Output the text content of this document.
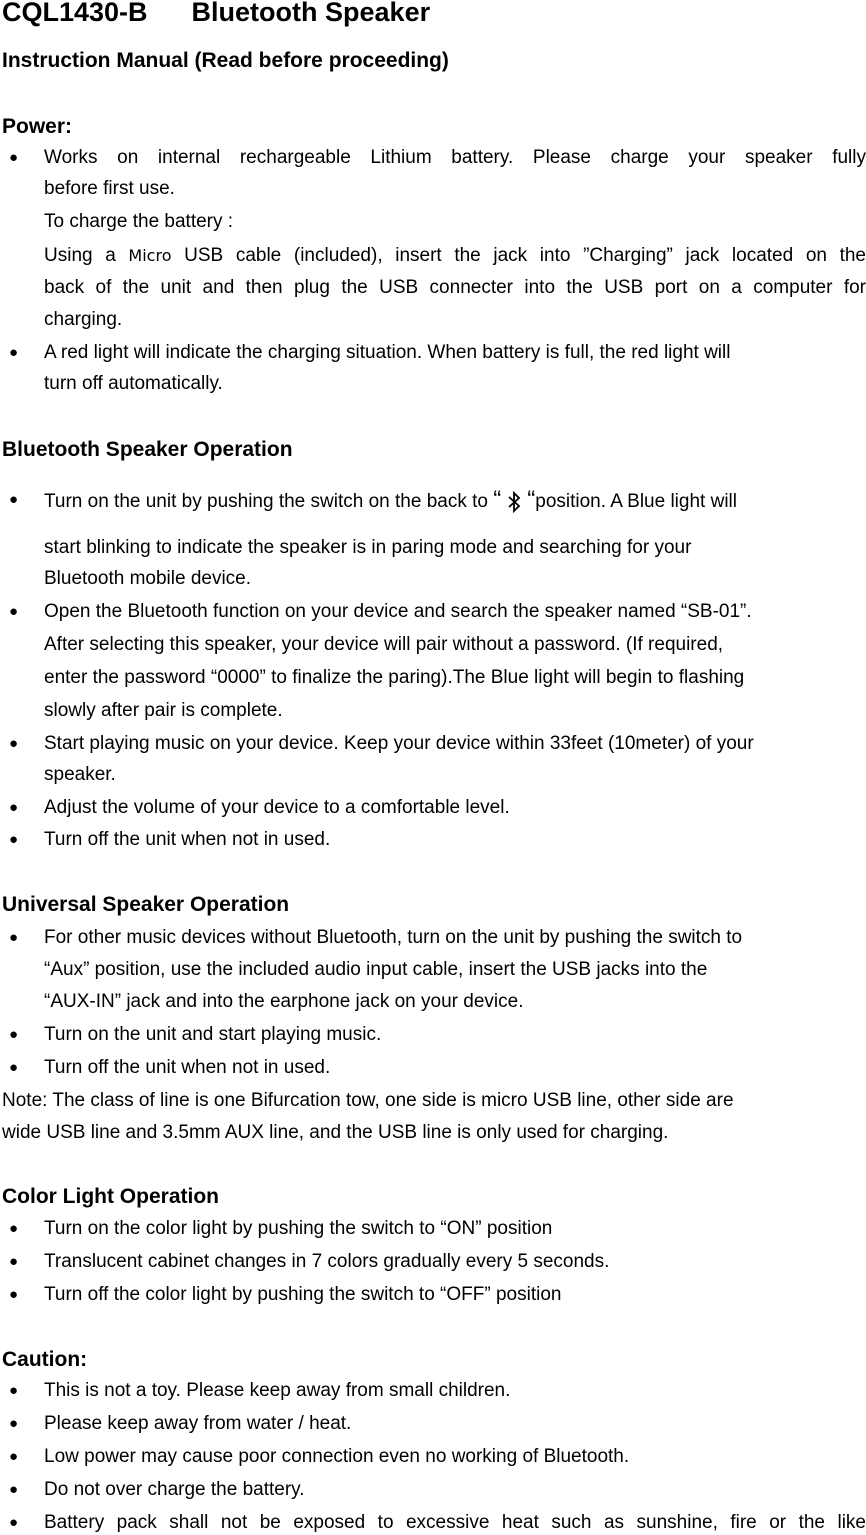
CQL1430-B Bluetooth Speaker
Instruction Manual (Read before proceeding)
Power:
● Works on internal rechargeable Lithium battery. Please charge your speaker fully
before first use.
To charge the battery :
Using a Micro USB cable (included), insert the jack into ”Charging” jack located on the
back of the unit and then plug the USB connecter into the USB port on a computer for
charging.
● A red light will indicate the charging situation. When battery is full, the red light will
turn off automatically.
Bluetooth Speaker Operation
● Turn on the unit by pushing the switch on the back to “ “position. A Blue light will
start blinking to indicate the speaker is in paring mode and searching for your
Bluetooth mobile device.
● Open the Bluetooth function on your device and search the speaker named “SB-01”.
After selecting this speaker, your device will pair without a password. (If required,
enter the password “0000” to finalize the paring).The Blue light will begin to flashing
slowly after pair is complete.
● Start playing music on your device. Keep your device within 33feet (10meter) of your
speaker.
● Adjust the volume of your device to a comfortable level.
● Turn off the unit when not in used.
Universal Speaker Operation
● For other music devices without Bluetooth, turn on the unit by pushing the switch to
“Aux” position, use the included audio input cable, insert the USB jacks into the
“AUX-IN” jack and into the earphone jack on your device.
● Turn on the unit and start playing music.
● Turn off the unit when not in used.
Note: The class of line is one Bifurcation tow, one side is micro USB line, other side are
wide USB line and 3.5mm AUX line, and the USB line is only used for charging.
Color Light Operation
● Turn on the color light by pushing the switch to “ON” position
● Translucent cabinet changes in 7 colors gradually every 5 seconds.
● Turn off the color light by pushing the switch to “OFF” position
Caution:
● This is not a toy. Please keep away from small children.
● Please keep away from water / heat.
● Low power may cause poor connection even no working of Bluetooth.
● Do not over charge the battery.
● Battery pack shall not be exposed to excessive heat such as sunshine, fire or the like
